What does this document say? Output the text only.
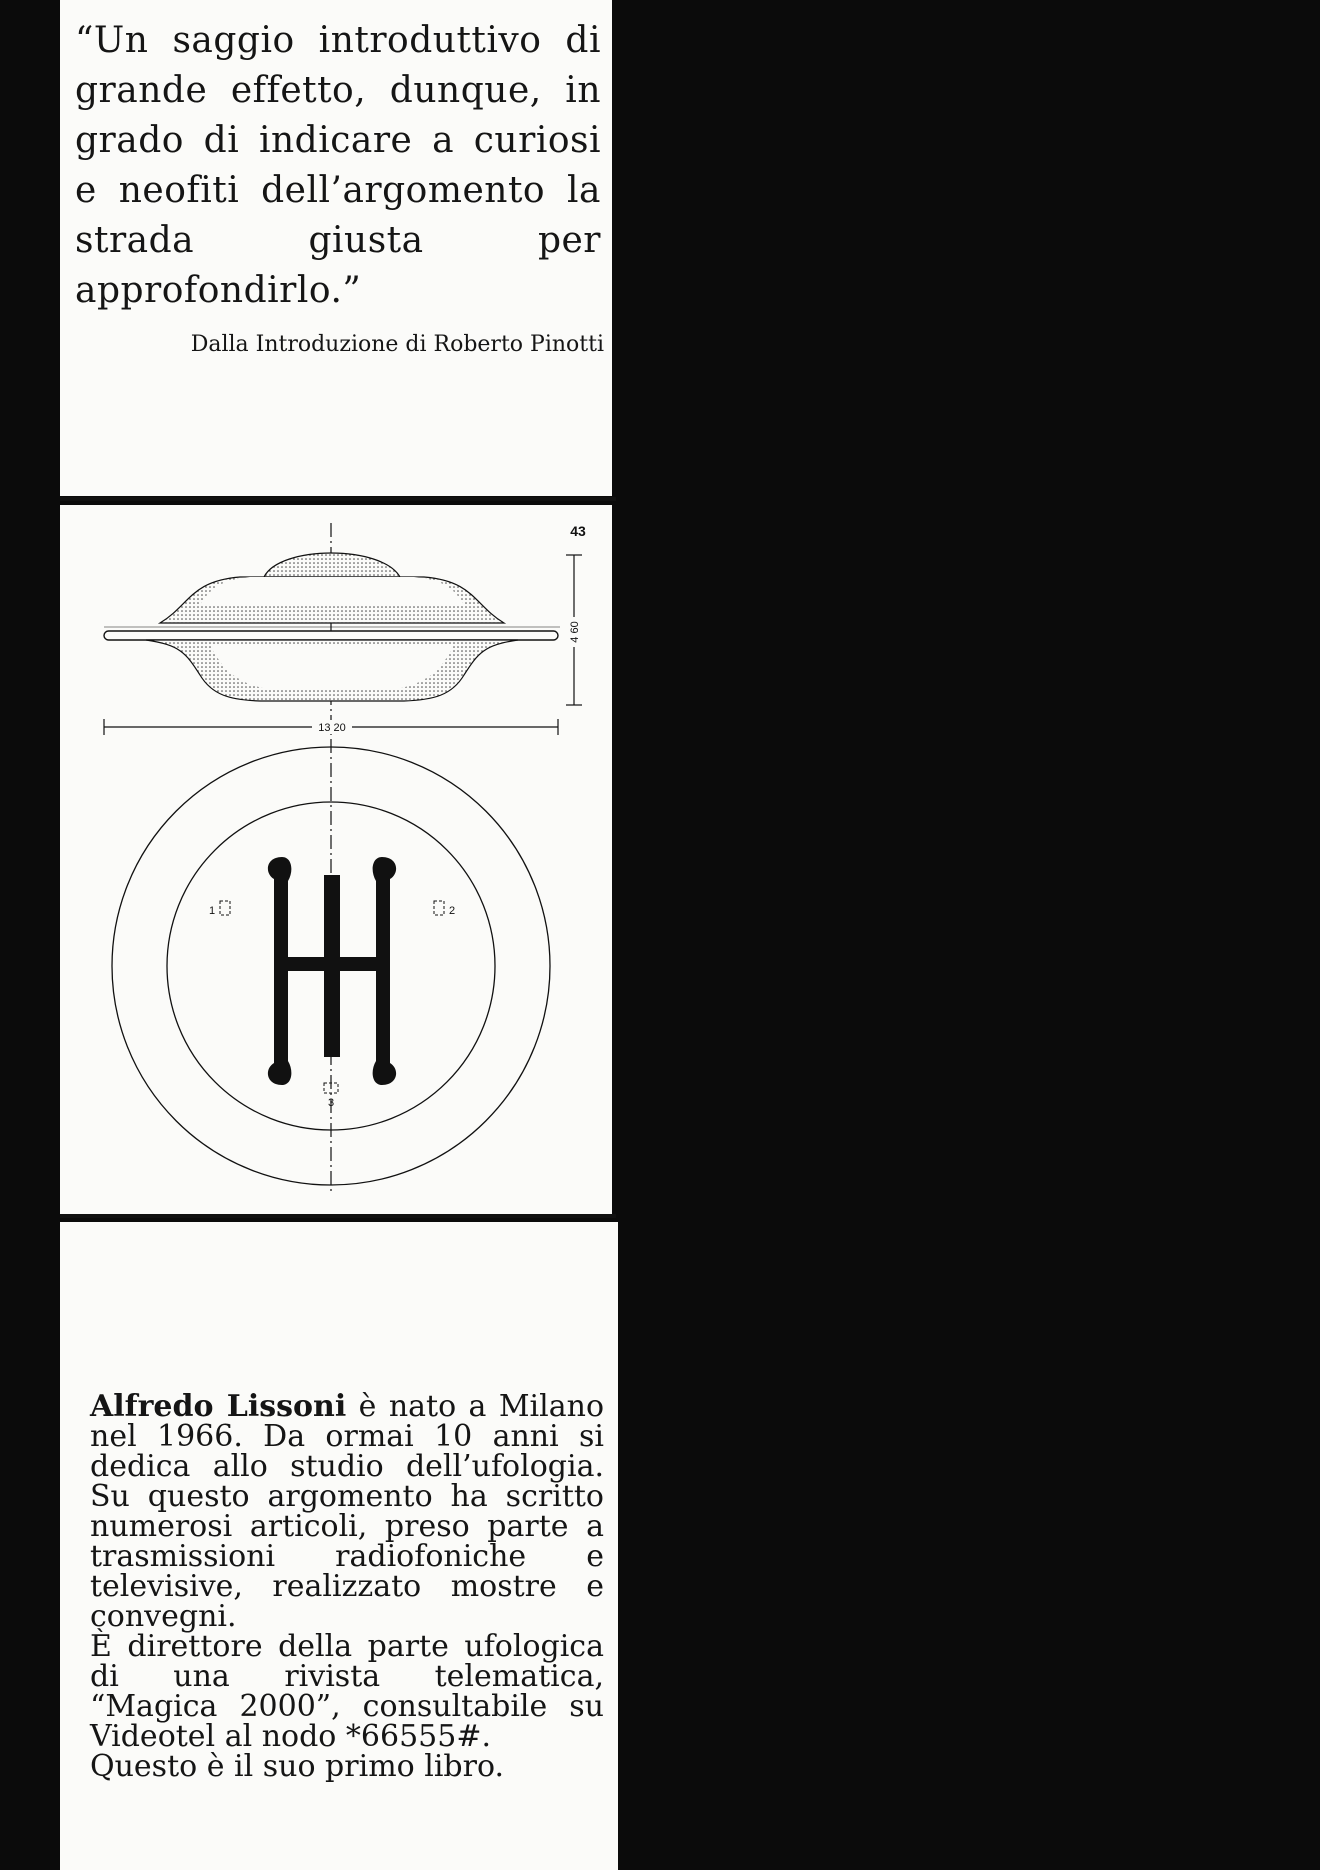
“Un saggio introduttivo di grande effetto, dunque, in grado di indicare a curiosi e neofiti dell’argomento la strada giusta per approfondirlo.”

Dalla Introduzione di Roberto Pinotti

43
4 60
13 20
1	2
3

Alfredo Lissoni è nato a Milano nel 1966. Da ormai 10 anni si dedica allo studio dell’ufologia. Su questo argomento ha scritto numerosi articoli, preso parte a trasmissioni radiofoniche e televisive, realizzato mostre e convegni.

È direttore della parte ufologica di una rivista telematica, “Magica 2000”, consultabile su Videotel al nodo *66555#.

Questo è il suo primo libro.
